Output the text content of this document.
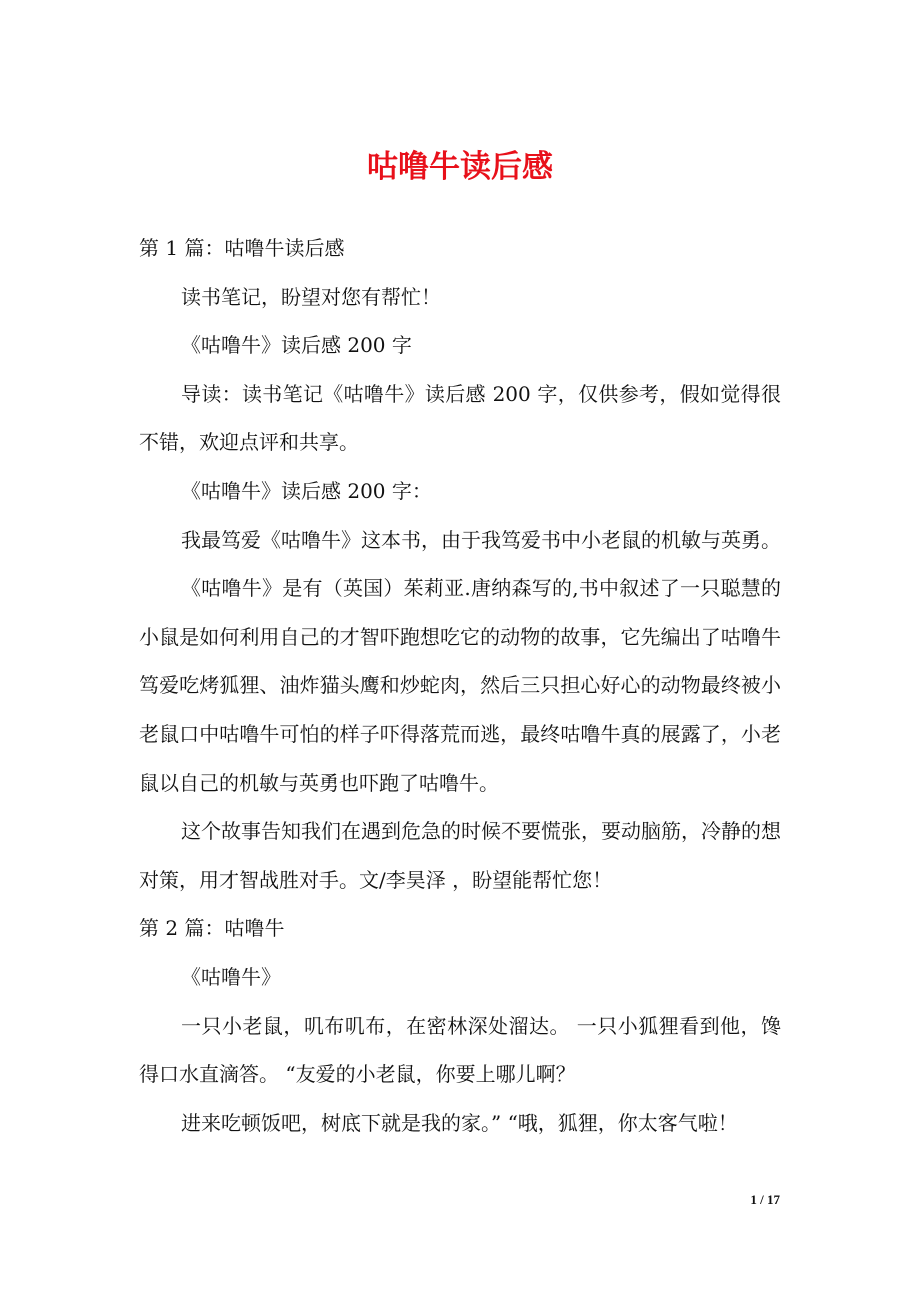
咕噜牛读后感

第 1 篇：咕噜牛读后感

读书笔记，盼望对您有帮忙！

《咕噜牛》读后感 200 字

导读：读书笔记《咕噜牛》读后感 200 字，仅供参考，假如觉得很不错，欢迎点评和共享。

《咕噜牛》读后感 200 字：

我最笃爱《咕噜牛》这本书，由于我笃爱书中小老鼠的机敏与英勇。

《咕噜牛》是有（英国）茱莉亚.唐纳森写的,书中叙述了一只聪慧的小鼠是如何利用自己的才智吓跑想吃它的动物的故事，它先编出了咕噜牛笃爱吃烤狐狸、油炸猫头鹰和炒蛇肉，然后三只担心好心的动物最终被小老鼠口中咕噜牛可怕的样子吓得落荒而逃，最终咕噜牛真的展露了，小老鼠以自己的机敏与英勇也吓跑了咕噜牛。

这个故事告知我们在遇到危急的时候不要慌张，要动脑筋，冷静的想对策，用才智战胜对手。文/李昊泽 ，盼望能帮忙您！

第 2 篇：咕噜牛

《咕噜牛》

一只小老鼠，叽布叽布，在密林深处溜达。 一只小狐狸看到他，馋得口水直滴答。 “友爱的小老鼠，你要上哪儿啊？

进来吃顿饭吧，树底下就是我的家。” “哦，狐狸，你太客气啦！

1 / 17
